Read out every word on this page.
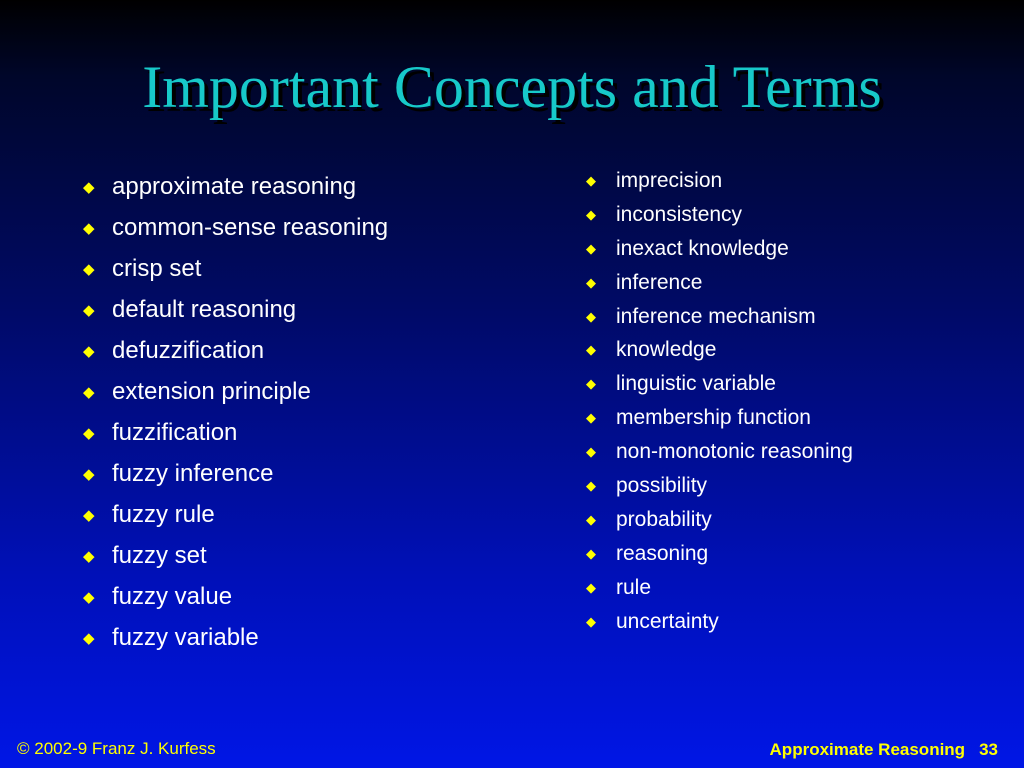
Important Concepts and Terms
◆ approximate reasoning
◆ common-sense reasoning
◆ crisp set
◆ default reasoning
◆ defuzzification
◆ extension principle
◆ fuzzification
◆ fuzzy inference
◆ fuzzy rule
◆ fuzzy set
◆ fuzzy value
◆ fuzzy variable
◆ imprecision
◆ inconsistency
◆ inexact knowledge
◆ inference
◆ inference mechanism
◆ knowledge
◆ linguistic variable
◆ membership function
◆ non-monotonic reasoning
◆ possibility
◆ probability
◆ reasoning
◆ rule
◆ uncertainty
© 2002-9 Franz J. Kurfess	Approximate Reasoning 33
